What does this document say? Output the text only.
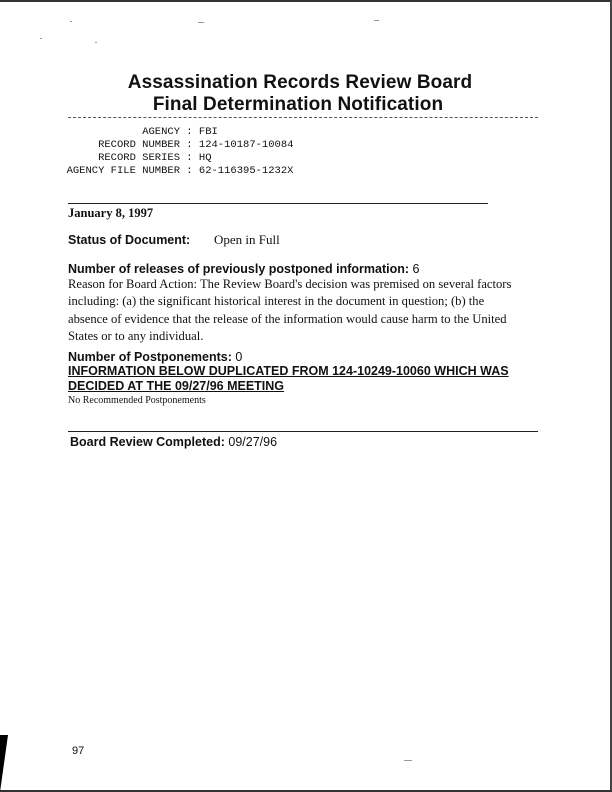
Assassination Records Review Board
Final Determination Notification
AGENCY : FBI
RECORD NUMBER : 124-10187-10084
RECORD SERIES : HQ
AGENCY FILE NUMBER : 62-116395-1232X
January 8, 1997
Status of Document: Open in Full
Number of releases of previously postponed information: 6
Reason for Board Action: The Review Board's decision was premised on several factors
including: (a) the significant historical interest in the document in question; (b) the
absence of evidence that the release of the information would cause harm to the United
States or to any individual.
Number of Postponements: 0
INFORMATION BELOW DUPLICATED FROM 124-10249-10060 WHICH WAS
DECIDED AT THE 09/27/96 MEETING
No Recommended Postponements
Board Review Completed: 09/27/96
97
